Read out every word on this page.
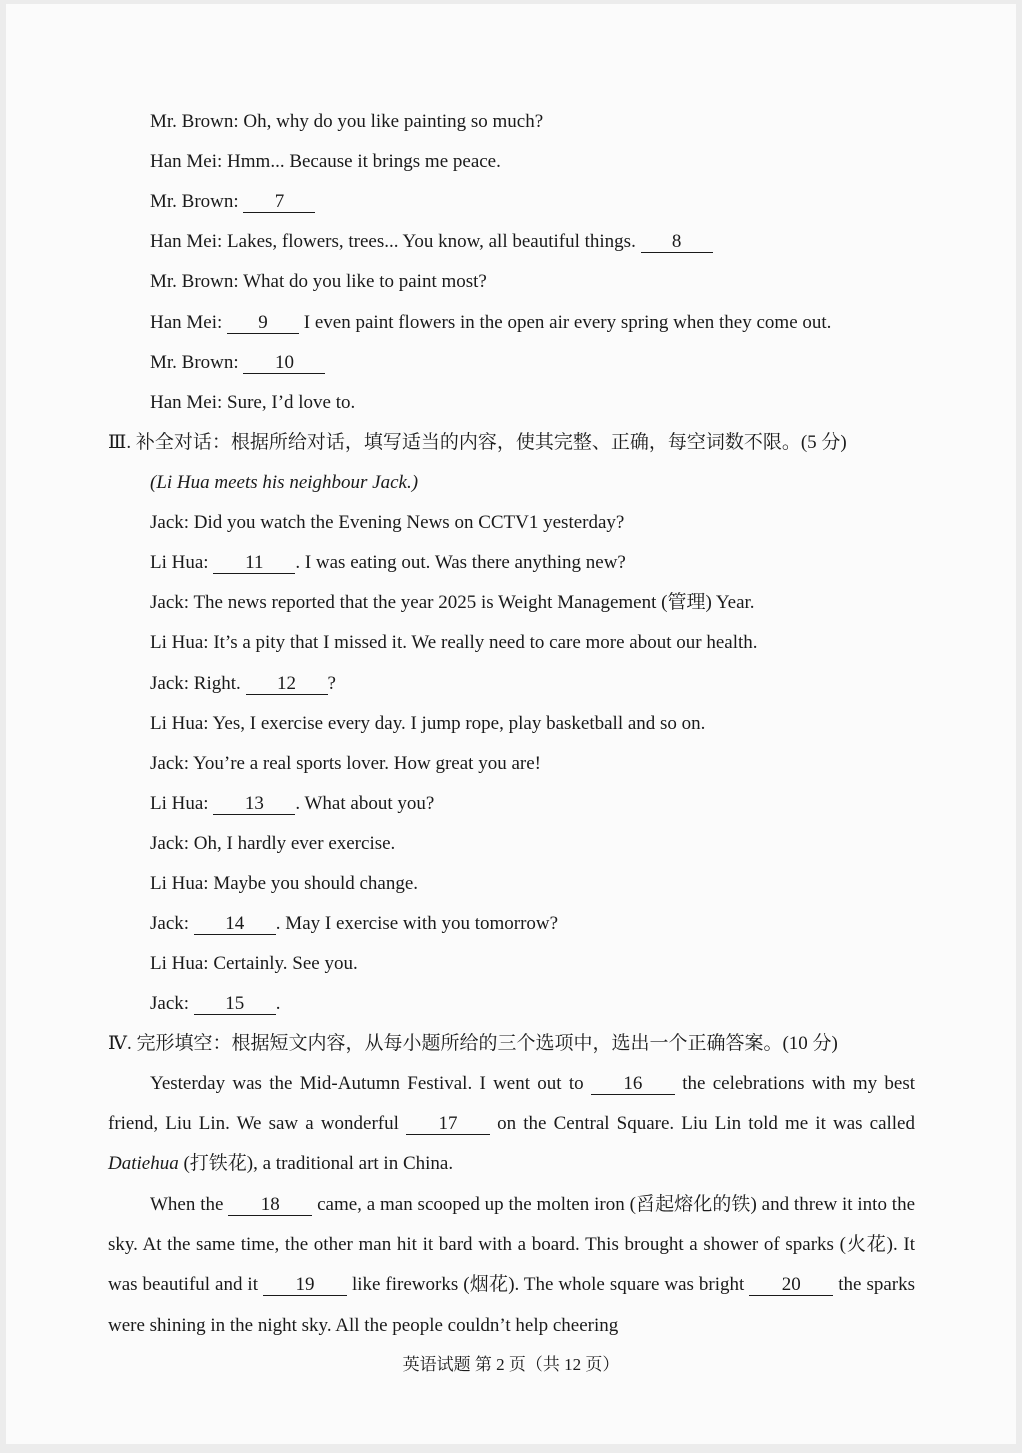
Mr. Brown: Oh, why do you like painting so much?
Han Mei: Hmm... Because it brings me peace.
Mr. Brown: 7
Han Mei: Lakes, flowers, trees... You know, all beautiful things. 8
Mr. Brown: What do you like to paint most?
Han Mei: 9 I even paint flowers in the open air every spring when they come out.
Mr. Brown: 10
Han Mei: Sure, I’d love to.
Ⅲ. 补全对话：根据所给对话，填写适当的内容，使其完整、正确，每空词数不限。(5 分)
(Li Hua meets his neighbour Jack.)
Jack: Did you watch the Evening News on CCTV1 yesterday?
Li Hua: 11 . I was eating out. Was there anything new?
Jack: The news reported that the year 2025 is Weight Management (管理) Year.
Li Hua: It’s a pity that I missed it. We really need to care more about our health.
Jack: Right. 12 ?
Li Hua: Yes, I exercise every day. I jump rope, play basketball and so on.
Jack: You’re a real sports lover. How great you are!
Li Hua: 13 . What about you?
Jack: Oh, I hardly ever exercise.
Li Hua: Maybe you should change.
Jack: 14 . May I exercise with you tomorrow?
Li Hua: Certainly. See you.
Jack: 15 .
Ⅳ. 完形填空：根据短文内容，从每小题所给的三个选项中，选出一个正确答案。(10 分)
Yesterday was the Mid-Autumn Festival. I went out to 16 the celebrations with my best friend, Liu Lin. We saw a wonderful 17 on the Central Square. Liu Lin told me it was called Datiehua (打铁花), a traditional art in China.
When the 18 came, a man scooped up the molten iron (舀起熔化的铁) and threw it into the sky. At the same time, the other man hit it bard with a board. This brought a shower of sparks (火花). It was beautiful and it 19 like fireworks (烟花). The whole square was bright 20 the sparks were shining in the night sky. All the people couldn’t help cheering
英语试题 第 2 页（共 12 页）
